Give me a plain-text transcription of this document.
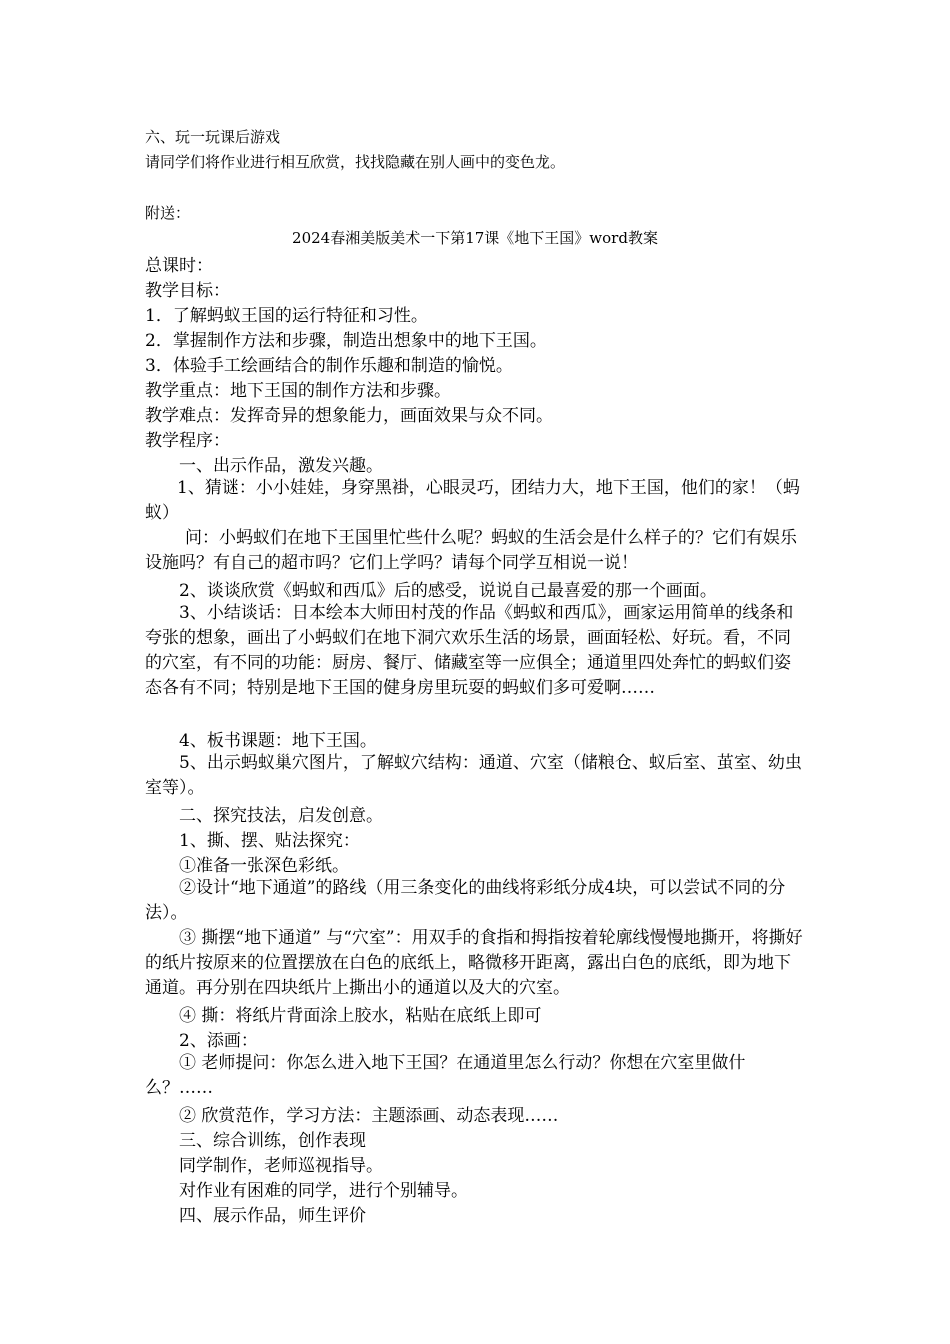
六、玩一玩课后游戏
请同学们将作业进行相互欣赏，找找隐藏在别人画中的变色龙。
附送：
2024春湘美版美术一下第17课《地下王国》word教案
总课时：
教学目标：
1．了解蚂蚁王国的运行特征和习性。
2．掌握制作方法和步骤，制造出想象中的地下王国。
3．体验手工绘画结合的制作乐趣和制造的愉悦。
教学重点：地下王国的制作方法和步骤。
教学难点：发挥奇异的想象能力，画面效果与众不同。
教学程序：
一、出示作品，激发兴趣。
1、猜谜：小小娃娃，身穿黑褂，心眼灵巧，团结力大，地下王国，他们的家！（蚂蚁）
问：小蚂蚁们在地下王国里忙些什么呢？蚂蚁的生活会是什么样子的？它们有娱乐设施吗？有自己的超市吗？它们上学吗？请每个同学互相说一说！
2、谈谈欣赏《蚂蚁和西瓜》后的感受，说说自己最喜爱的那一个画面。
3、小结谈话：日本绘本大师田村茂的作品《蚂蚁和西瓜》，画家运用简单的线条和夸张的想象，画出了小蚂蚁们在地下洞穴欢乐生活的场景，画面轻松、好玩。看，不同的穴室，有不同的功能：厨房、餐厅、储藏室等一应俱全；通道里四处奔忙的蚂蚁们姿态各有不同；特别是地下王国的健身房里玩耍的蚂蚁们多可爱啊……
4、板书课题：地下王国。
5、出示蚂蚁巢穴图片，了解蚁穴结构：通道、穴室（储粮仓、蚁后室、茧室、幼虫室等）。
二、探究技法，启发创意。
1、撕、摆、贴法探究：
①准备一张深色彩纸。
②设计“地下通道”的路线（用三条变化的曲线将彩纸分成4块，可以尝试不同的分法）。
③ 撕摆“地下通道” 与“穴室”：用双手的食指和拇指按着轮廓线慢慢地撕开，将撕好的纸片按原来的位置摆放在白色的底纸上，略微移开距离，露出白色的底纸，即为地下通道。再分别在四块纸片上撕出小的通道以及大的穴室。
④ 撕：将纸片背面涂上胶水，粘贴在底纸上即可
2、添画：
① 老师提问：你怎么进入地下王国？在通道里怎么行动？你想在穴室里做什么？……
② 欣赏范作，学习方法：主题添画、动态表现……
三、综合训练，创作表现
同学制作，老师巡视指导。
对作业有困难的同学，进行个别辅导。
四、展示作品，师生评价
